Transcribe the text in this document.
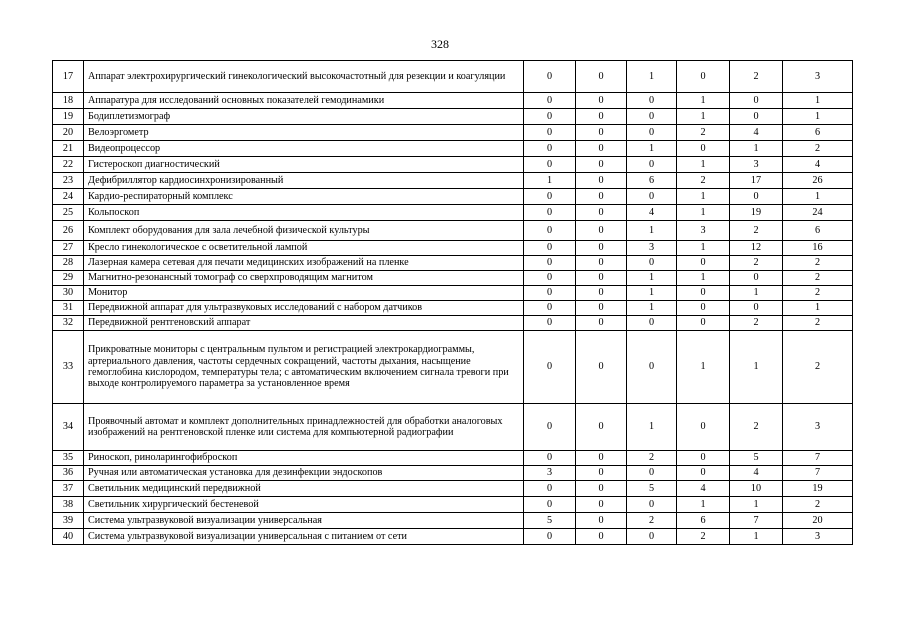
328
17	Аппарат электрохирургический гинекологический высокочастотный для резекции и коагуляции	0	0	1	0	2	3
18	Аппаратура для исследований основных показателей гемодинамики	0	0	0	1	0	1
19	Бодиплетизмограф	0	0	0	1	0	1
20	Велоэргометр	0	0	0	2	4	6
21	Видеопроцессор	0	0	1	0	1	2
22	Гистероскоп диагностический	0	0	0	1	3	4
23	Дефибриллятор кардиосинхронизированный	1	0	6	2	17	26
24	Кардио-респираторный комплекс	0	0	0	1	0	1
25	Кольпоскоп	0	0	4	1	19	24
26	Комплект оборудования для зала лечебной физической культуры	0	0	1	3	2	6
27	Кресло гинекологическое с осветительной лампой	0	0	3	1	12	16
28	Лазерная камера сетевая для печати медицинских изображений на пленке	0	0	0	0	2	2
29	Магнитно-резонансный томограф со сверхпроводящим магнитом	0	0	1	1	0	2
30	Монитор	0	0	1	0	1	2
31	Передвижной аппарат для ультразвуковых исследований с набором датчиков	0	0	1	0	0	1
32	Передвижной рентгеновский аппарат	0	0	0	0	2	2
33	Прикроватные мониторы с центральным пультом и регистрацией электрокардиограммы, артериального давления, частоты сердечных сокращений, частоты дыхания, насыщение гемоглобина кислородом, температуры тела; с автоматическим включением сигнала тревоги при выходе контролируемого параметра за установленное время	0	0	0	1	1	2
34	Проявочный автомат и комплект дополнительных принадлежностей для обработки аналоговых изображений на рентгеновской пленке или система для компьютерной радиографии	0	0	1	0	2	3
35	Риноскоп, риноларингофиброскоп	0	0	2	0	5	7
36	Ручная или автоматическая установка для дезинфекции эндоскопов	3	0	0	0	4	7
37	Светильник медицинский передвижной	0	0	5	4	10	19
38	Светильник хирургический бестеневой	0	0	0	1	1	2
39	Система ультразвуковой визуализации универсальная	5	0	2	6	7	20
40	Система ультразвуковой визуализации универсальная с питанием от сети	0	0	0	2	1	3
